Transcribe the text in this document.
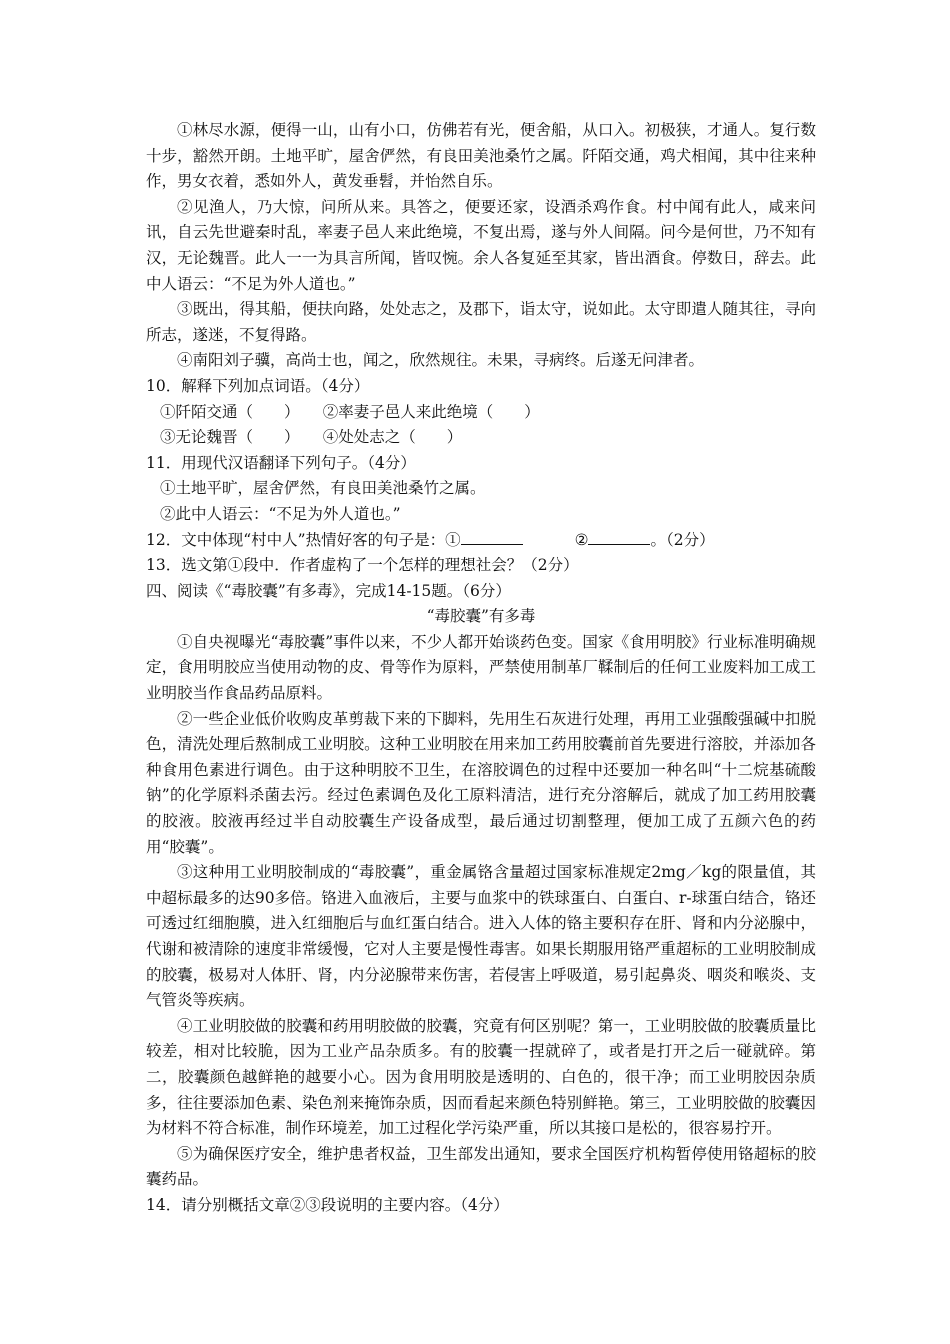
①林尽水源，便得一山，山有小口，仿佛若有光，便舍船，从口入。初极狭，才通人。复行数十步，豁然开朗。土地平旷，屋舍俨然，有良田美池桑竹之属。阡陌交通，鸡犬相闻，其中往来种作，男女衣着，悉如外人，黄发垂髫，并怡然自乐。

②见渔人，乃大惊，问所从来。具答之，便要还家，设酒杀鸡作食。村中闻有此人，咸来问讯，自云先世避秦时乱，率妻子邑人来此绝境，不复出焉，遂与外人间隔。问今是何世，乃不知有汉，无论魏晋。此人一一为具言所闻，皆叹惋。余人各复延至其家，皆出酒食。停数日，辞去。此中人语云：“不足为外人道也。”

③既出，得其船，便扶向路，处处志之，及郡下，诣太守，说如此。太守即遣人随其往，寻向所志，遂迷，不复得路。

④南阳刘子骥，高尚士也，闻之，欣然规往。未果，寻病终。后遂无问津者。

10．解释下列加点词语。（4分）

①阡陌交通（　　）　　②率妻子邑人来此绝境（　　）

③无论魏晋（　　）　　④处处志之（　　）

11．用现代汉语翻译下列句子。（4分）

①土地平旷，屋舍俨然，有良田美池桑竹之属。

②此中人语云：“不足为外人道也。”

12．文中体现“村中人”热情好客的句子是：①	②	。（2分）

13．选文第①段中．作者虚构了一个怎样的理想社会？（2分）

四、阅读《“毒胶囊”有多毒》，完成14-15题。（6分）

“毒胶囊”有多毒

①自央视曝光“毒胶囊”事件以来，不少人都开始谈药色变。国家《食用明胶》行业标准明确规定，食用明胶应当使用动物的皮、骨等作为原料，严禁使用制革厂鞣制后的任何工业废料加工成工业明胶当作食品药品原料。

②一些企业低价收购皮革剪裁下来的下脚料，先用生石灰进行处理，再用工业强酸强碱中扣脱色，清洗处理后熬制成工业明胶。这种工业明胶在用来加工药用胶囊前首先要进行溶胶，并添加各种食用色素进行调色。由于这种明胶不卫生，在溶胶调色的过程中还要加一种名叫“十二烷基硫酸钠”的化学原料杀菌去污。经过色素调色及化工原料清洁，进行充分溶解后，就成了加工药用胶囊的胶液。胶液再经过半自动胶囊生产设备成型，最后通过切割整理，便加工成了五颜六色的药用“胶囊”。

③这种用工业明胶制成的“毒胶囊”，重金属铬含量超过国家标准规定2mg／kg的限量值，其中超标最多的达90多倍。铬进入血液后，主要与血浆中的铁球蛋白、白蛋白、r-球蛋白结合，铬还可透过红细胞膜，进入红细胞后与血红蛋白结合。进入人体的铬主要积存在肝、肾和内分泌腺中，代谢和被清除的速度非常缓慢，它对人主要是慢性毒害。如果长期服用铬严重超标的工业明胶制成的胶囊，极易对人体肝、肾，内分泌腺带来伤害，若侵害上呼吸道，易引起鼻炎、咽炎和喉炎、支气管炎等疾病。

④工业明胶做的胶囊和药用明胶做的胶囊，究竟有何区别呢？第一，工业明胶做的胶囊质量比较差，相对比较脆，因为工业产品杂质多。有的胶囊一捏就碎了，或者是打开之后一碰就碎。第二，胶囊颜色越鲜艳的越要小心。因为食用明胶是透明的、白色的，很干净；而工业明胶因杂质多，往往要添加色素、染色剂来掩饰杂质，因而看起来颜色特别鲜艳。第三，工业明胶做的胶囊因为材料不符合标准，制作环境差，加工过程化学污染严重，所以其接口是松的，很容易拧开。

⑤为确保医疗安全，维护患者权益，卫生部发出通知，要求全国医疗机构暂停使用铬超标的胶囊药品。

14．请分别概括文章②③段说明的主要内容。（4分）
